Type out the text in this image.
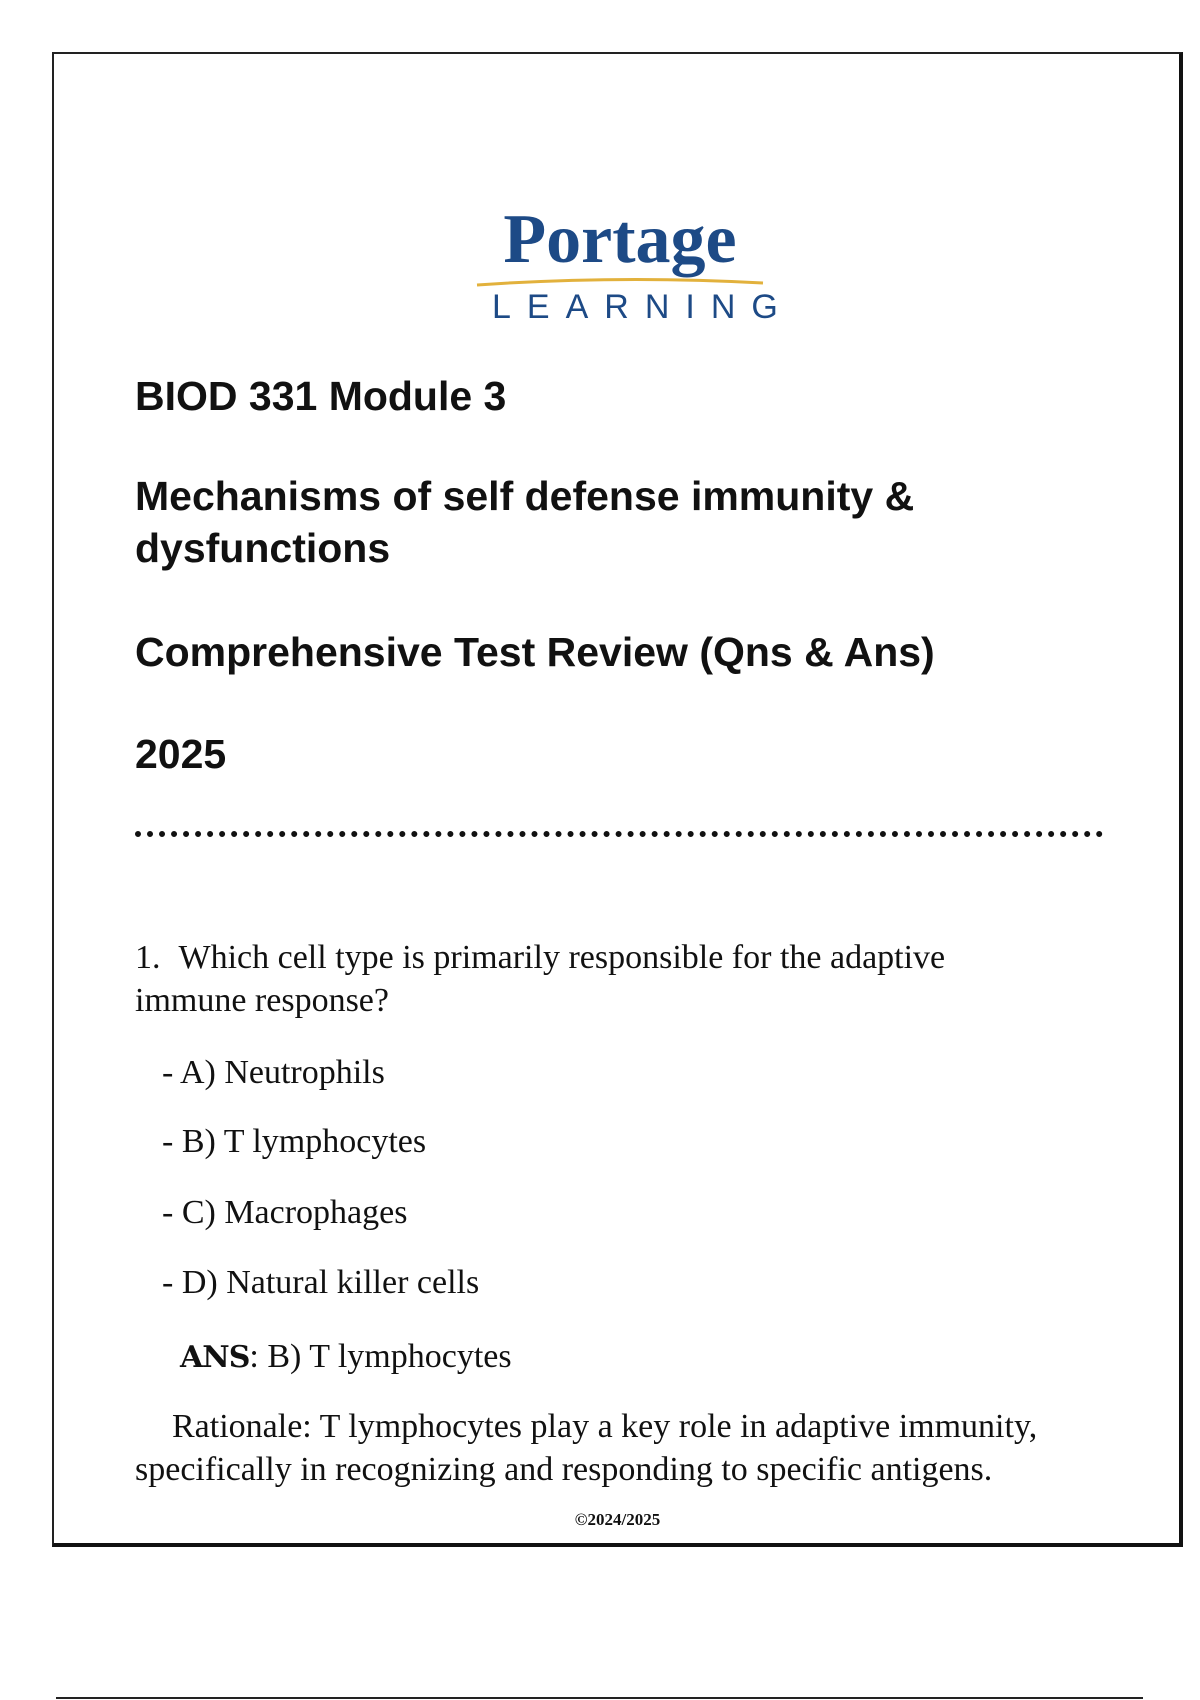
Portage
LEARNING
BIOD 331 Module 3
Mechanisms of self defense immunity & dysfunctions
Comprehensive Test Review (Qns & Ans)
2025

1. Which cell type is primarily responsible for the adaptive immune response?

- A) Neutrophils
- B) T lymphocytes
- C) Macrophages
- D) Natural killer cells
ANS: B) T lymphocytes

Rationale: T lymphocytes play a key role in adaptive immunity, specifically in recognizing and responding to specific antigens.

©2024/2025
